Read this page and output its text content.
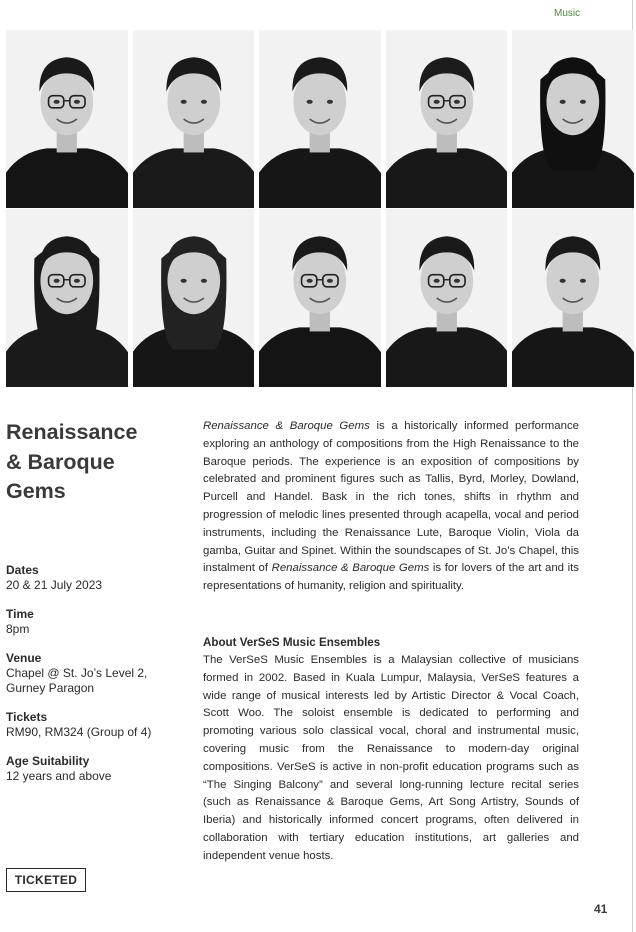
Music
Renaissance
& Baroque
Gems
Dates
20 & 21 July 2023
Time
8pm
Venue
Chapel @ St. Jo’s Level 2,
Gurney Paragon
Tickets
RM90, RM324 (Group of 4)
Age Suitability
12 years and above
TICKETED

Renaissance & Baroque Gems is a historically informed performance exploring an anthology of compositions from the High Renaissance to the Baroque periods. The experience is an exposition of compositions by celebrated and prominent figures such as Tallis, Byrd, Morley, Dowland, Purcell and Handel. Bask in the rich tones, shifts in rhythm and progression of melodic lines presented through acapella, vocal and period instruments, including the Renaissance Lute, Baroque Violin, Viola da gamba, Guitar and Spinet. Within the soundscapes of St. Jo’s Chapel, this instalment of Renaissance & Baroque Gems is for lovers of the art and its representations of humanity, religion and spirituality.

About VerSeS Music Ensembles

The VerSeS Music Ensembles is a Malaysian collective of musicians formed in 2002. Based in Kuala Lumpur, Malaysia, VerSeS features a wide range of musical interests led by Artistic Director & Vocal Coach, Scott Woo. The soloist ensemble is dedicated to performing and promoting various solo classical vocal, choral and instrumental music, covering music from the Renaissance to modern-day original compositions. VerSeS is active in non-profit education programs such as “The Singing Balcony” and several long-running lecture recital series (such as Renaissance & Baroque Gems, Art Song Artistry, Sounds of Iberia) and historically informed concert programs, often delivered in collaboration with tertiary education institutions, art galleries and independent venue hosts.

41
